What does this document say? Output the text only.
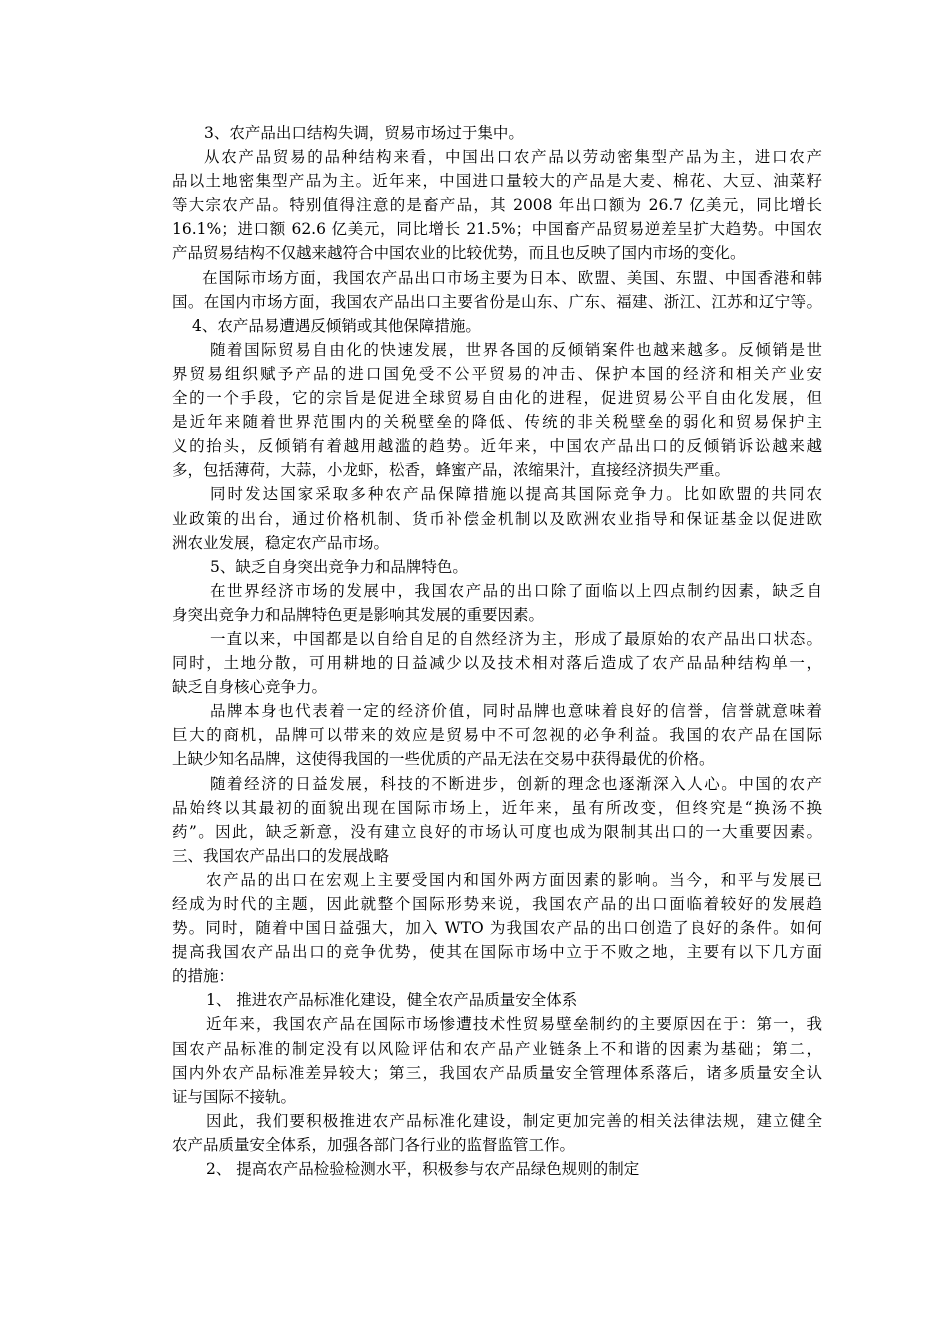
3、农产品出口结构失调，贸易市场过于集中。
从农产品贸易的品种结构来看，中国出口农产品以劳动密集型产品为主，进口农产
品以土地密集型产品为主。近年来，中国进口量较大的产品是大麦、棉花、大豆、油菜籽
等大宗农产品。特别值得注意的是畜产品，其 2008 年出口额为 26.7 亿美元，同比增长
16.1%；进口额 62.6 亿美元，同比增长 21.5%；中国畜产品贸易逆差呈扩大趋势。中国农
产品贸易结构不仅越来越符合中国农业的比较优势，而且也反映了国内市场的变化。
在国际市场方面，我国农产品出口市场主要为日本、欧盟、美国、东盟、中国香港和韩
国。在国内市场方面，我国农产品出口主要省份是山东、广东、福建、浙江、江苏和辽宁等。
4、农产品易遭遇反倾销或其他保障措施。
随着国际贸易自由化的快速发展，世界各国的反倾销案件也越来越多。反倾销是世
界贸易组织赋予产品的进口国免受不公平贸易的冲击、保护本国的经济和相关产业安
全的一个手段，它的宗旨是促进全球贸易自由化的进程，促进贸易公平自由化发展，但
是近年来随着世界范围内的关税壁垒的降低、传统的非关税壁垒的弱化和贸易保护主
义的抬头，反倾销有着越用越滥的趋势。近年来，中国农产品出口的反倾销诉讼越来越
多，包括薄荷，大蒜，小龙虾，松香，蜂蜜产品，浓缩果汁，直接经济损失严重。
同时发达国家采取多种农产品保障措施以提高其国际竞争力。比如欧盟的共同农
业政策的出台，通过价格机制、货币补偿金机制以及欧洲农业指导和保证基金以促进欧
洲农业发展，稳定农产品市场。
5、缺乏自身突出竞争力和品牌特色。
在世界经济市场的发展中，我国农产品的出口除了面临以上四点制约因素，缺乏自
身突出竞争力和品牌特色更是影响其发展的重要因素。
一直以来，中国都是以自给自足的自然经济为主，形成了最原始的农产品出口状态。
同时，土地分散，可用耕地的日益减少以及技术相对落后造成了农产品品种结构单一，
缺乏自身核心竞争力。
品牌本身也代表着一定的经济价值，同时品牌也意味着良好的信誉，信誉就意味着
巨大的商机，品牌可以带来的效应是贸易中不可忽视的必争利益。我国的农产品在国际
上缺少知名品牌，这使得我国的一些优质的产品无法在交易中获得最优的价格。
随着经济的日益发展，科技的不断进步，创新的理念也逐渐深入人心。中国的农产
品始终以其最初的面貌出现在国际市场上，近年来，虽有所改变，但终究是“换汤不换
药”。因此，缺乏新意，没有建立良好的市场认可度也成为限制其出口的一大重要因素。
三、我国农产品出口的发展战略
农产品的出口在宏观上主要受国内和国外两方面因素的影响。当今，和平与发展已
经成为时代的主题，因此就整个国际形势来说，我国农产品的出口面临着较好的发展趋
势。同时，随着中国日益强大，加入 WTO 为我国农产品的出口创造了良好的条件。如何
提高我国农产品出口的竞争优势，使其在国际市场中立于不败之地，主要有以下几方面
的措施：
1、 推进农产品标准化建设，健全农产品质量安全体系
近年来，我国农产品在国际市场惨遭技术性贸易壁垒制约的主要原因在于：第一，我
国农产品标准的制定没有以风险评估和农产品产业链条上不和谐的因素为基础；第二，
国内外农产品标准差异较大；第三，我国农产品质量安全管理体系落后，诸多质量安全认
证与国际不接轨。
因此，我们要积极推进农产品标准化建设，制定更加完善的相关法律法规，建立健全
农产品质量安全体系，加强各部门各行业的监督监管工作。
2、 提高农产品检验检测水平，积极参与农产品绿色规则的制定
